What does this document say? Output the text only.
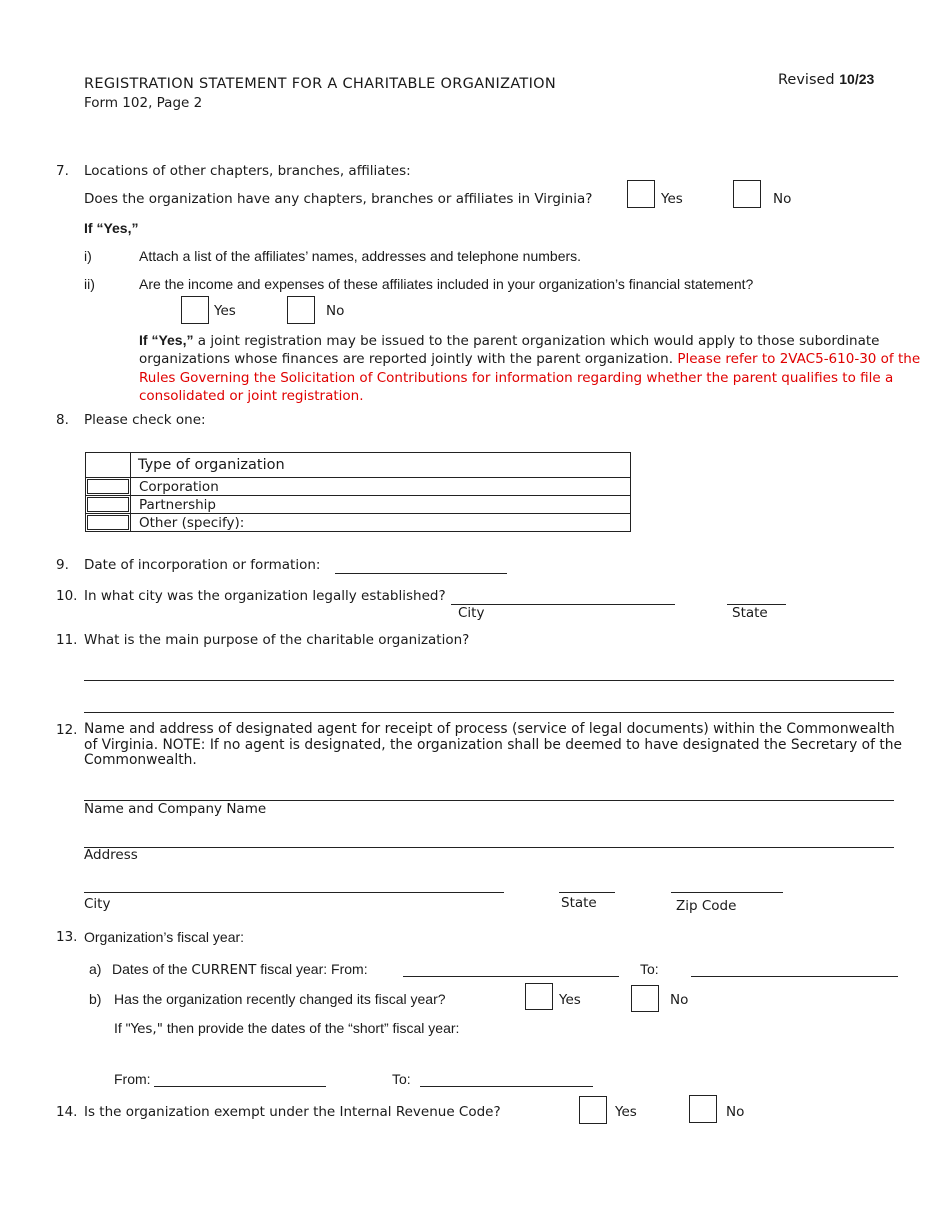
REGISTRATION STATEMENT FOR A CHARITABLE ORGANIZATION
Form 102, Page 2
Revised 10/23
7. Locations of other chapters, branches, affiliates:
Does the organization have any chapters, branches or affiliates in Virginia?	Yes	No
If “Yes,”
i)	Attach a list of the affiliates’ names, addresses and telephone numbers.
ii)	Are the income and expenses of these affiliates included in your organization’s financial statement?
Yes	No
If “Yes,” a joint registration may be issued to the parent organization which would apply to those subordinate organizations whose finances are reported jointly with the parent organization. Please refer to 2VAC5-610-30 of the Rules Governing the Solicitation of Contributions for information regarding whether the parent qualifies to file a consolidated or joint registration.
8. Please check one:
	Type of organization

	Corporation

	Partnership

	Other (specify):
9. Date of incorporation or formation:
10. In what city was the organization legally established?
City	State
11. What is the main purpose of the charitable organization?
12. Name and address of designated agent for receipt of process (service of legal documents) within the Commonwealth of Virginia. NOTE: If no agent is designated, the organization shall be deemed to have designated the Secretary of the Commonwealth.
Name and Company Name
Address
City	State	Zip Code
13. Organization’s fiscal year:
a) Dates of the CURRENT fiscal year: From:	To:
b) Has the organization recently changed its fiscal year?	Yes	No
If "Yes," then provide the dates of the “short” fiscal year:
From:	To:
14. Is the organization exempt under the Internal Revenue Code?	Yes	No
